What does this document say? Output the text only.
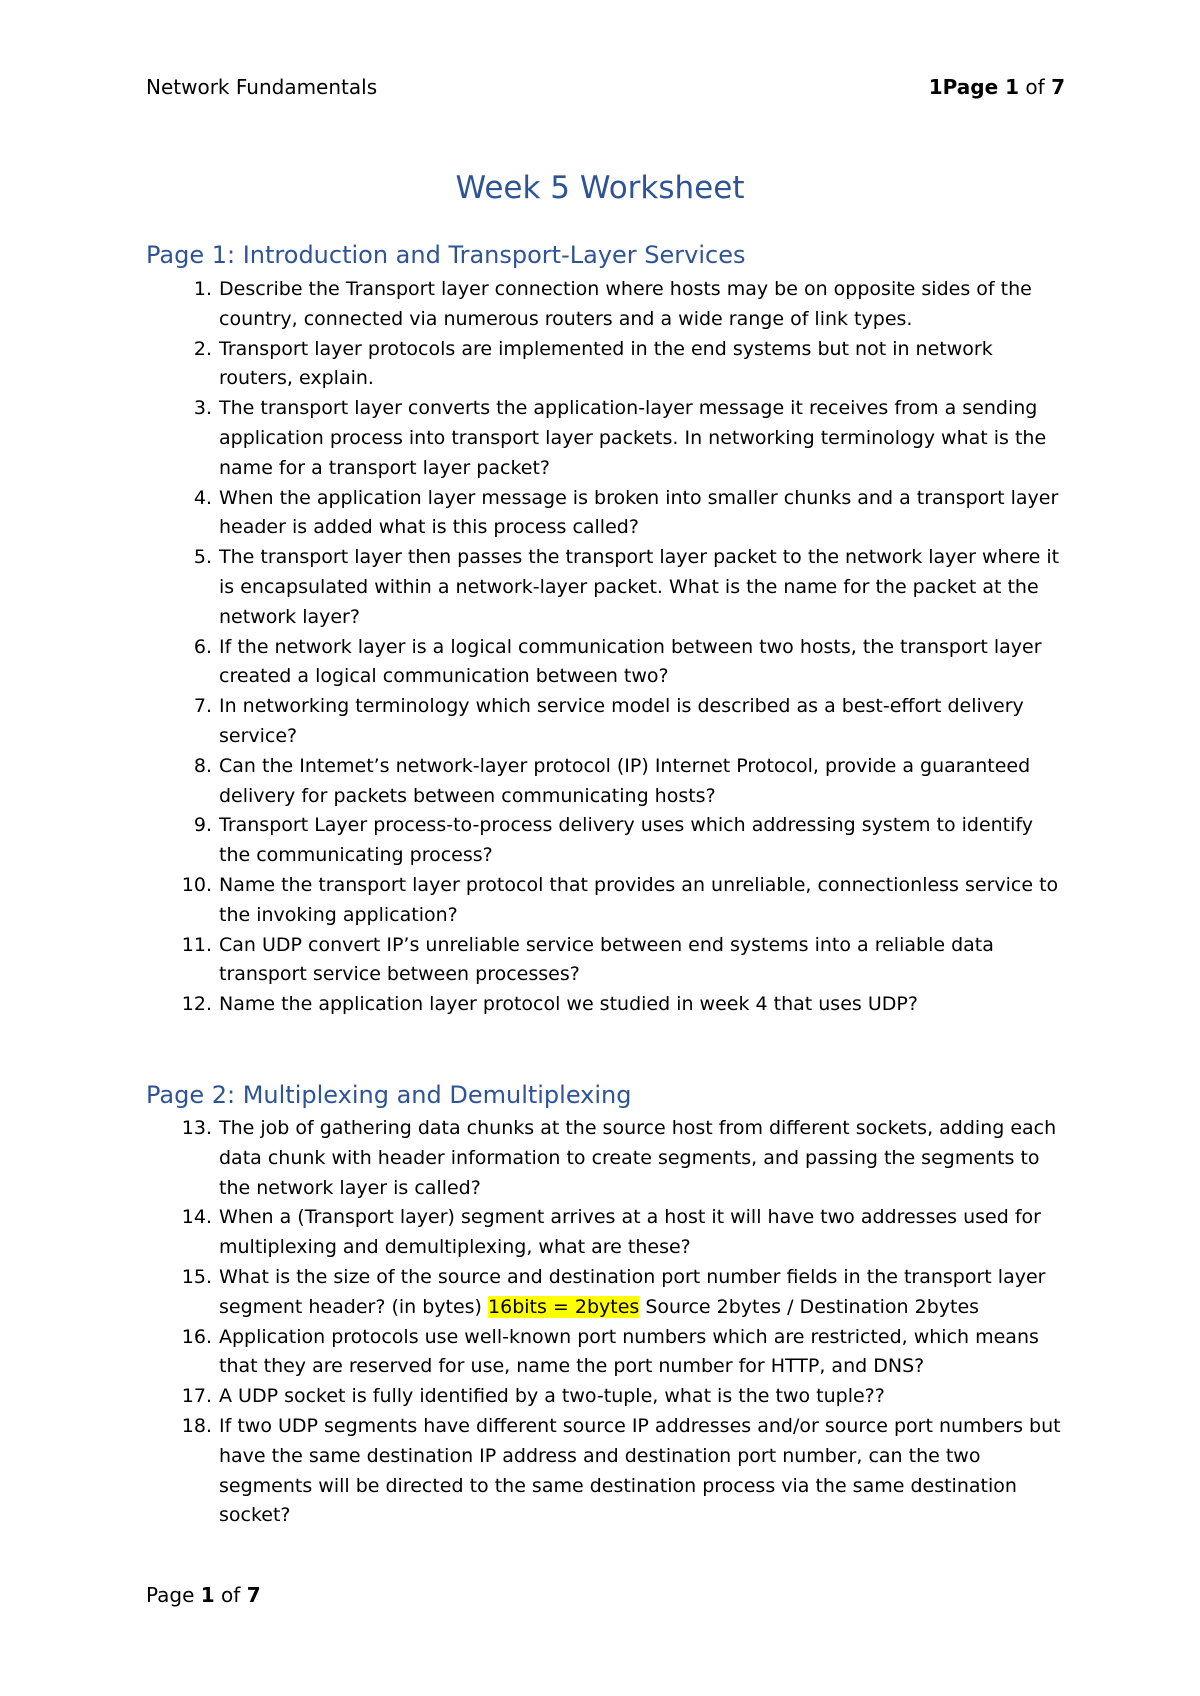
Network Fundamentals	1Page 1 of 7
Week 5 Worksheet
Page 1: Introduction and Transport-Layer Services
1. Describe the Transport layer connection where hosts may be on opposite sides of the country, connected via numerous routers and a wide range of link types.
2. Transport layer protocols are implemented in the end systems but not in network routers, explain.
3. The transport layer converts the application-layer message it receives from a sending application process into transport layer packets. In networking terminology what is the name for a transport layer packet?
4. When the application layer message is broken into smaller chunks and a transport layer header is added what is this process called?
5. The transport layer then passes the transport layer packet to the network layer where it is encapsulated within a network-layer packet. What is the name for the packet at the network layer?
6. If the network layer is a logical communication between two hosts, the transport layer created a logical communication between two?
7. In networking terminology which service model is described as a best-effort delivery service?
8. Can the Intemet’s network-layer protocol (IP) Internet Protocol, provide a guaranteed delivery for packets between communicating hosts?
9. Transport Layer process-to-process delivery uses which addressing system to identify the communicating process?
10. Name the transport layer protocol that provides an unreliable, connectionless service to the invoking application?
11. Can UDP convert IP’s unreliable service between end systems into a reliable data transport service between processes?
12. Name the application layer protocol we studied in week 4 that uses UDP?
Page 2: Multiplexing and Demultiplexing
13. The job of gathering data chunks at the source host from different sockets, adding each data chunk with header information to create segments, and passing the segments to the network layer is called?
14. When a (Transport layer) segment arrives at a host it will have two addresses used for multiplexing and demultiplexing, what are these?
15. What is the size of the source and destination port number fields in the transport layer segment header? (in bytes) 16bits = 2bytes Source 2bytes / Destination 2bytes
16. Application protocols use well-known port numbers which are restricted, which means that they are reserved for use, name the port number for HTTP, and DNS?
17. A UDP socket is fully identified by a two-tuple, what is the two tuple??
18. If two UDP segments have different source IP addresses and/or source port numbers but have the same destination IP address and destination port number, can the two segments will be directed to the same destination process via the same destination socket?
Page 1 of 7
